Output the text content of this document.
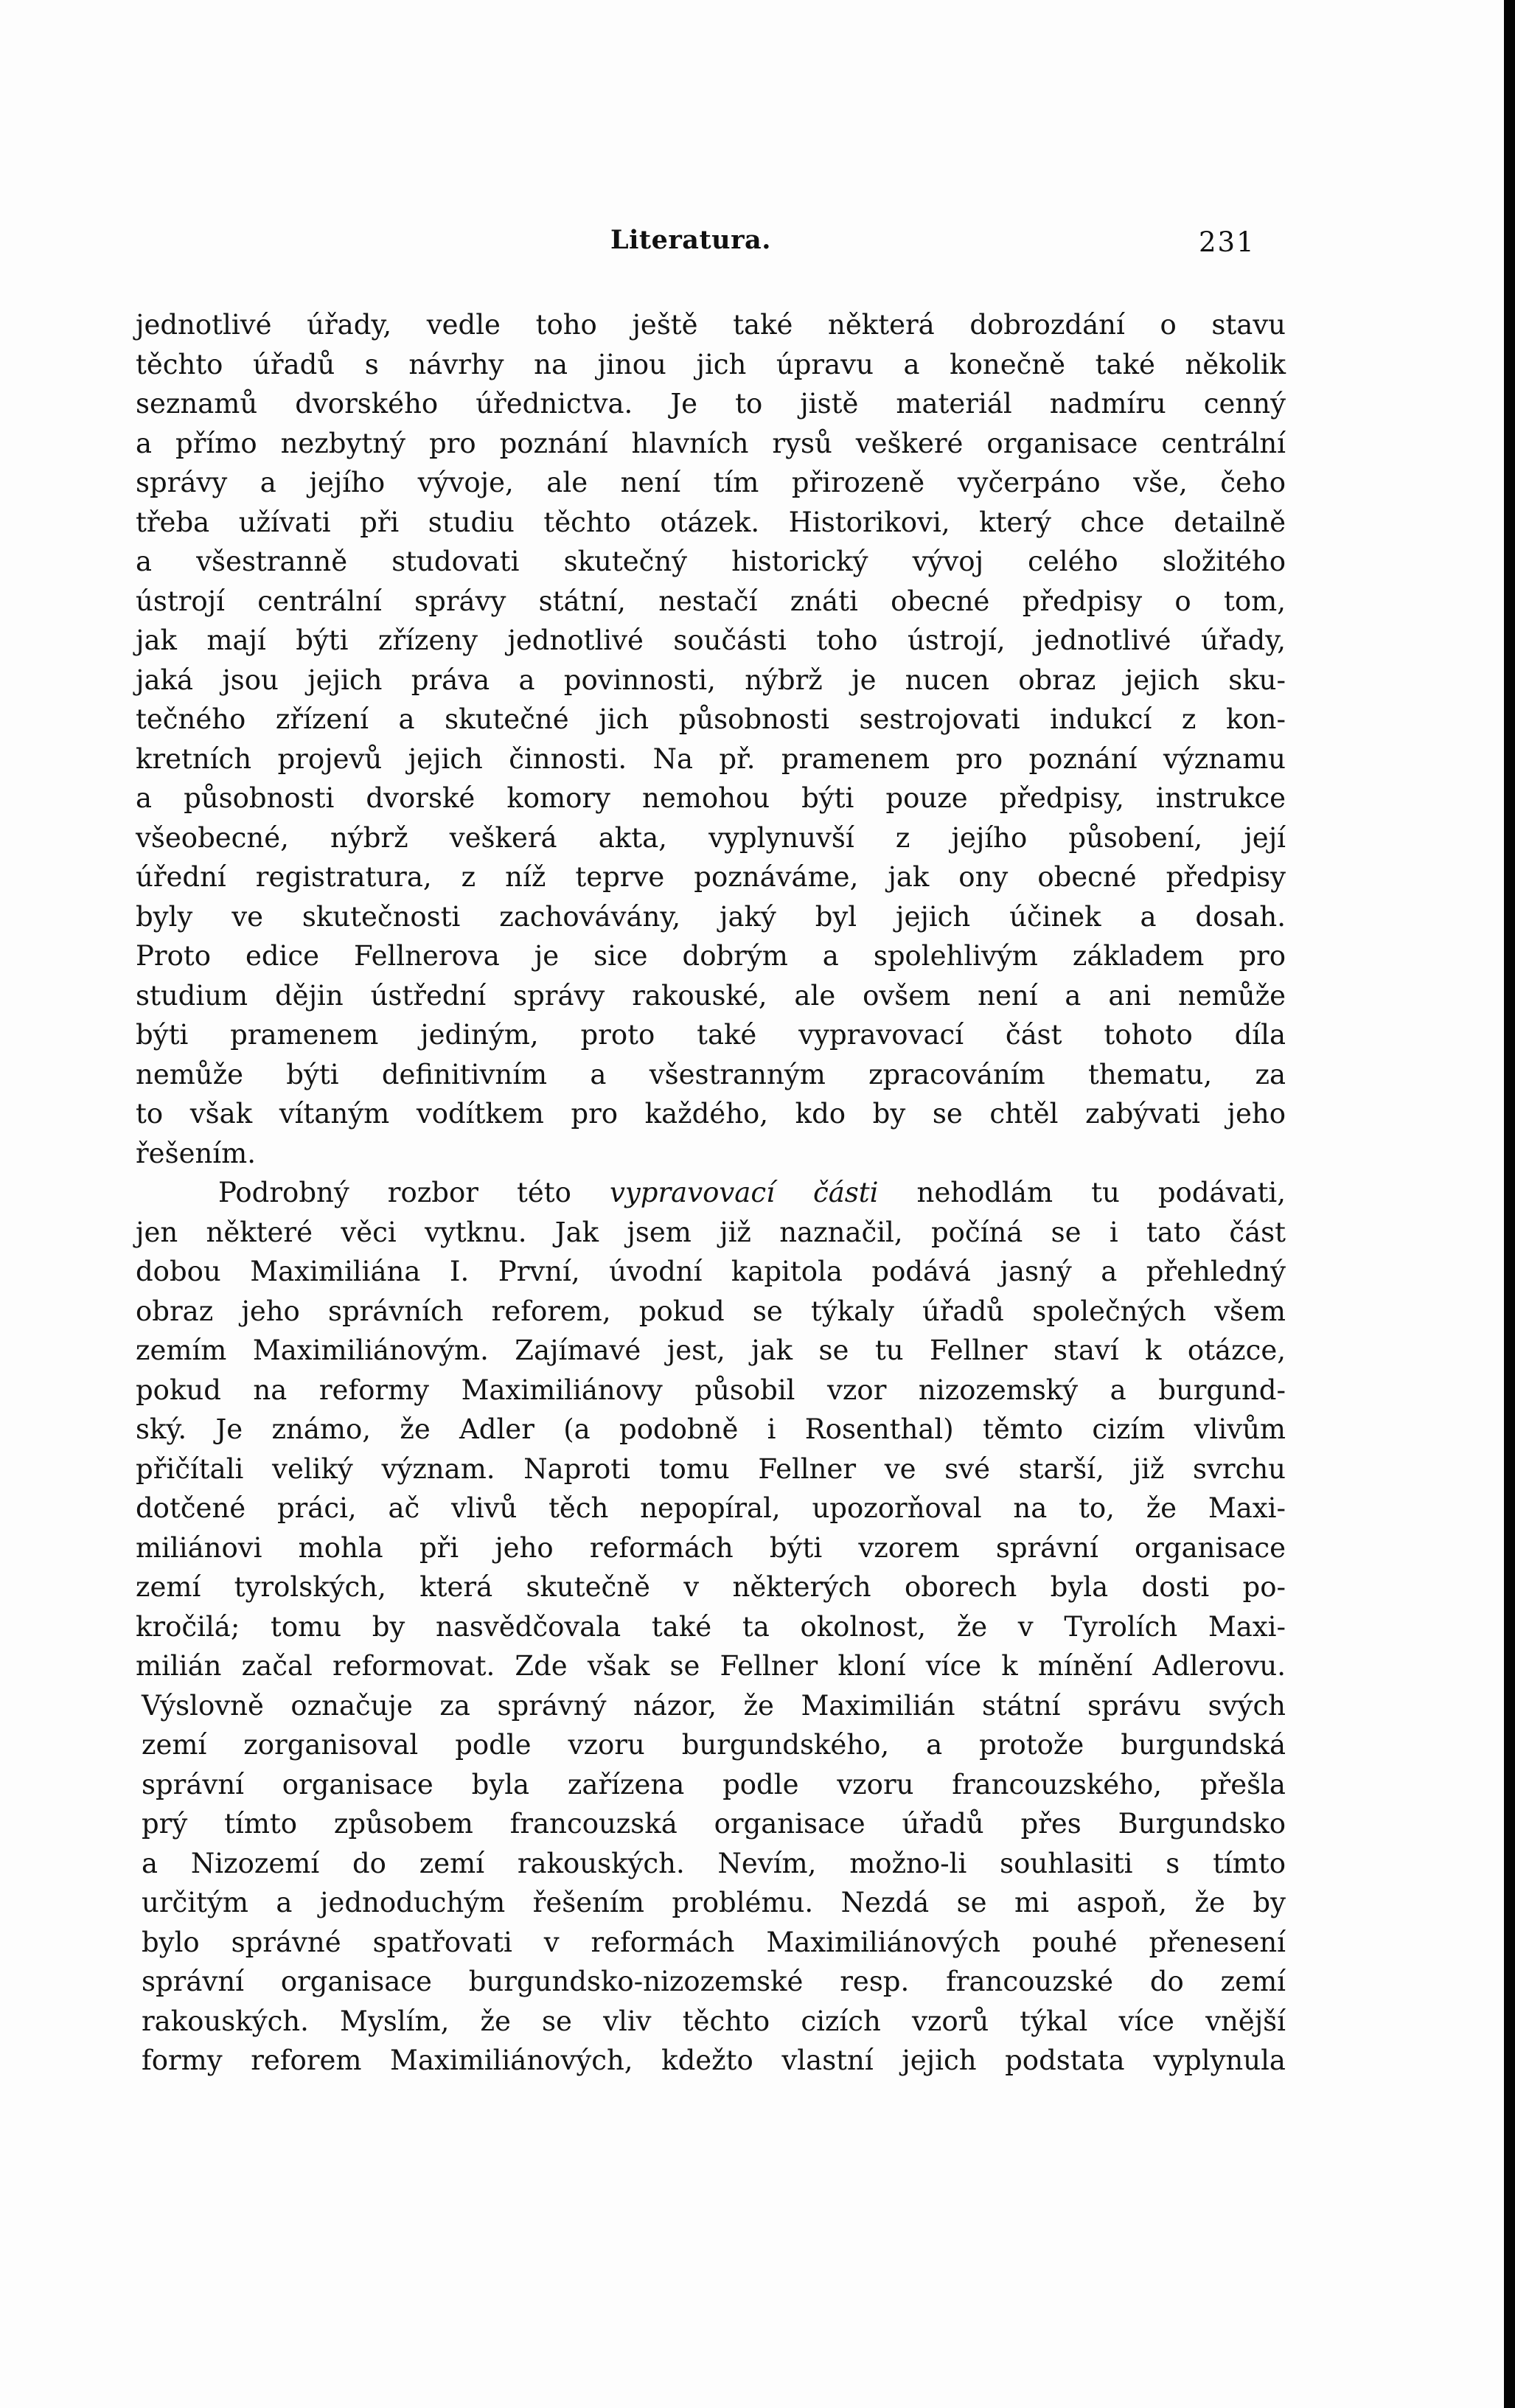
Literatura.	231
jednotlivé úřady, vedle toho ještě také některá dobrozdání o stavu
těchto úřadů s návrhy na jinou jich úpravu a konečně také několik
seznamů dvorského úřednictva. Je to jistě materiál nadmíru cenný
a přímo nezbytný pro poznání hlavních rysů veškeré organisace centrální
správy a jejího vývoje, ale není tím přirozeně vyčerpáno vše, čeho
třeba užívati při studiu těchto otázek. Historikovi, který chce detailně
a všestranně studovati skutečný historický vývoj celého složitého
ústrojí centrální správy státní, nestačí znáti obecné předpisy o tom,
jak mají býti zřízeny jednotlivé součásti toho ústrojí, jednotlivé úřady,
jaká jsou jejich práva a povinnosti, nýbrž je nucen obraz jejich sku-
tečného zřízení a skutečné jich působnosti sestrojovati indukcí z kon-
kretních projevů jejich činnosti. Na př. pramenem pro poznání významu
a působnosti dvorské komory nemohou býti pouze předpisy, instrukce
všeobecné, nýbrž veškerá akta, vyplynuvší z jejího působení, její
úřední registratura, z níž teprve poznáváme, jak ony obecné předpisy
byly ve skutečnosti zachovávány, jaký byl jejich účinek a dosah.
Proto edice Fellnerova je sice dobrým a spolehlivým základem pro
studium dějin ústřední správy rakouské, ale ovšem není a ani nemůže
býti pramenem jediným, proto také vypravovací část tohoto díla
nemůže býti definitivním a všestranným zpracováním thematu, za
to však vítaným vodítkem pro každého, kdo by se chtěl zabývati jeho
řešením.
Podrobný rozbor této vypravovací části nehodlám tu podávati,
jen některé věci vytknu. Jak jsem již naznačil, počíná se i tato část
dobou Maximiliána I. První, úvodní kapitola podává jasný a přehledný
obraz jeho správních reforem, pokud se týkaly úřadů společných všem
zemím Maximiliánovým. Zajímavé jest, jak se tu Fellner staví k otázce,
pokud na reformy Maximiliánovy působil vzor nizozemský a burgund-
ský. Je známo, že Adler (a podobně i Rosenthal) těmto cizím vlivům
přičítali veliký význam. Naproti tomu Fellner ve své starší, již svrchu
dotčené práci, ač vlivů těch nepopíral, upozorňoval na to, že Maxi-
miliánovi mohla při jeho reformách býti vzorem správní organisace
zemí tyrolských, která skutečně v některých oborech byla dosti po-
kročilá; tomu by nasvědčovala také ta okolnost, že v Tyrolích Maxi-
milián začal reformovat. Zde však se Fellner kloní více k mínění Adlerovu.
Výslovně označuje za správný názor, že Maximilián státní správu svých
zemí zorganisoval podle vzoru burgundského, a protože burgundská
správní organisace byla zařízena podle vzoru francouzského, přešla
prý tímto způsobem francouzská organisace úřadů přes Burgundsko
a Nizozemí do zemí rakouských. Nevím, možno-li souhlasiti s tímto
určitým a jednoduchým řešením problému. Nezdá se mi aspoň, že by
bylo správné spatřovati v reformách Maximiliánových pouhé přenesení
správní organisace burgundsko-nizozemské resp. francouzské do zemí
rakouských. Myslím, že se vliv těchto cizích vzorů týkal více vnější
formy reforem Maximiliánových, kdežto vlastní jejich podstata vyplynula
